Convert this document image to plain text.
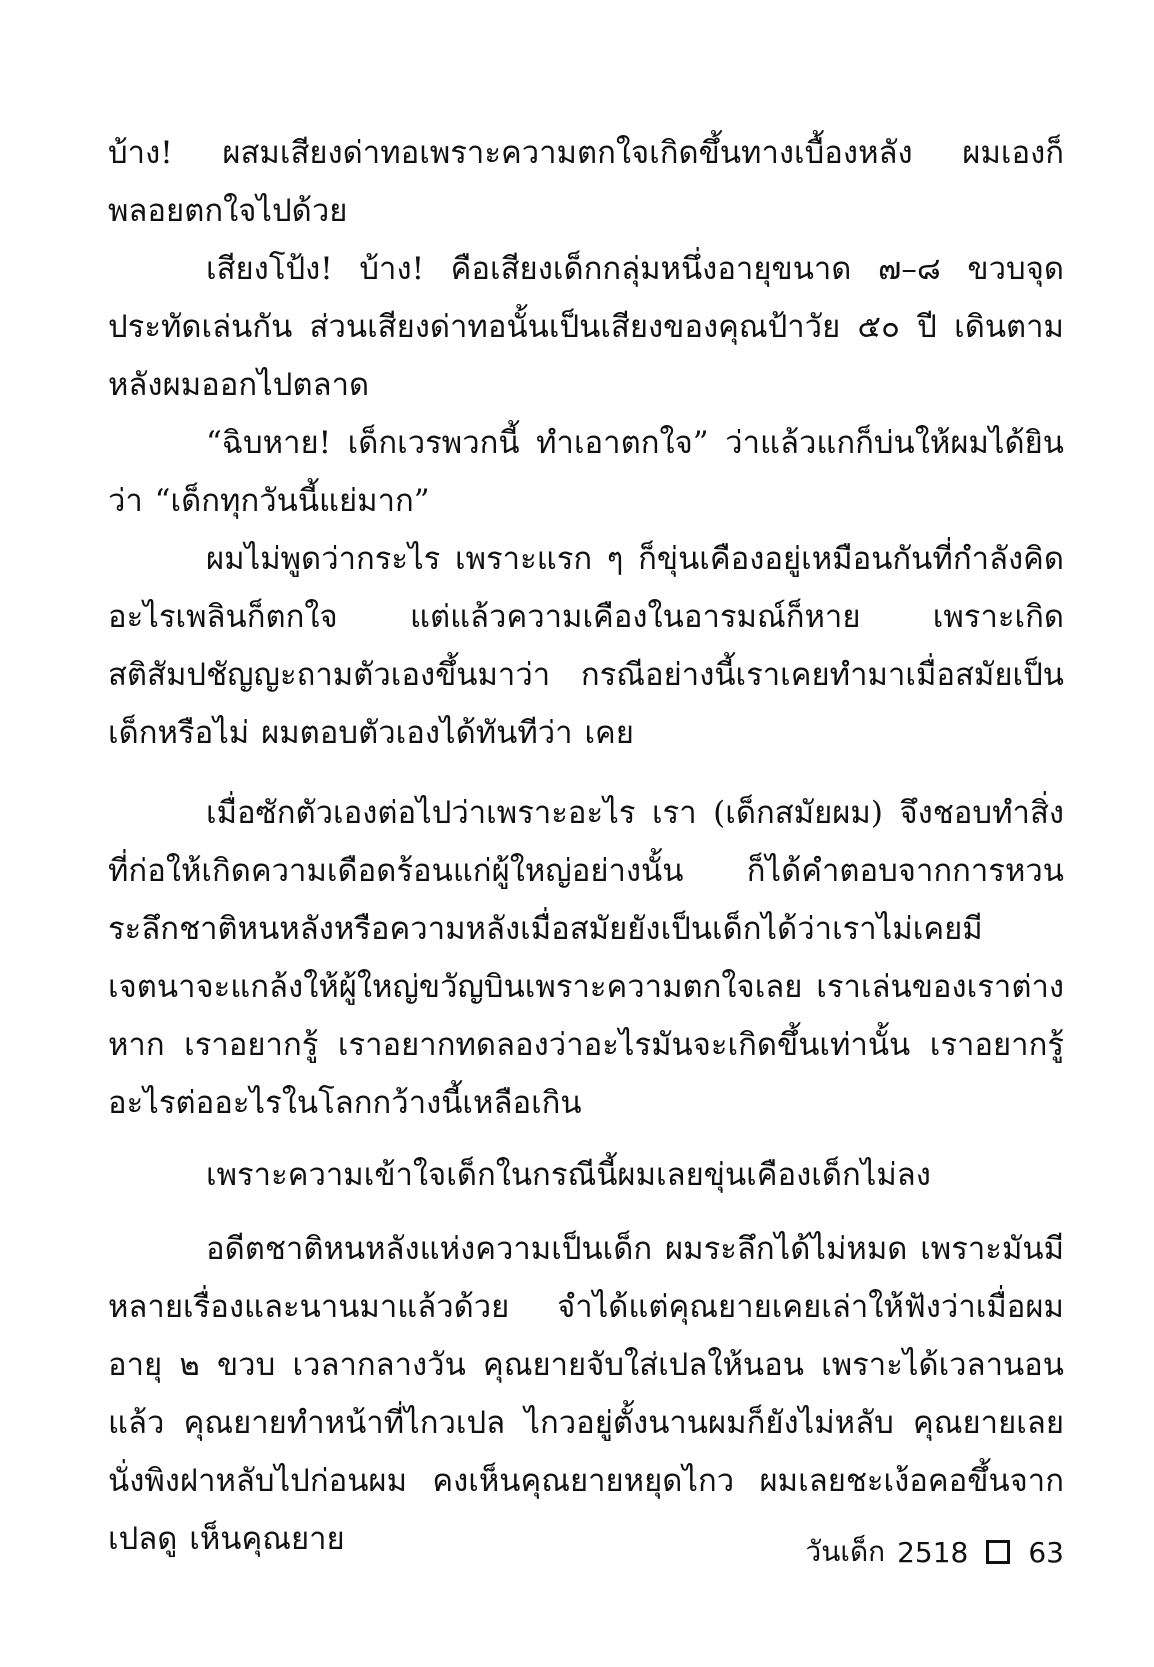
บ้าง! ผสมเสียงด่าทอเพราะความตกใจเกิดขึ้นทางเบื้องหลัง ผมเองก็พลอยตกใจไปด้วย

เสียงโป้ง! บ้าง! คือเสียงเด็กกลุ่มหนึ่งอายุขนาด ๗–๘ ขวบจุดประทัดเล่นกัน ส่วนเสียงด่าทอนั้นเป็นเสียงของคุณป้าวัย ๕๐ ปี เดินตามหลังผมออกไปตลาด

“ฉิบหาย! เด็กเวรพวกนี้ ทำเอาตกใจ” ว่าแล้วแกก็บ่นให้ผมได้ยินว่า “เด็กทุกวันนี้แย่มาก”

ผมไม่พูดว่ากระไร เพราะแรก ๆ ก็ขุ่นเคืองอยู่เหมือนกันที่กำลังคิดอะไรเพลินก็ตกใจ แต่แล้วความเคืองในอารมณ์ก็หาย เพราะเกิดสติสัมปชัญญะถามตัวเองขึ้นมาว่า กรณีอย่างนี้เราเคยทำมาเมื่อสมัยเป็นเด็กหรือไม่ ผมตอบตัวเองได้ทันทีว่า เคย

เมื่อซักตัวเองต่อไปว่าเพราะอะไร เรา (เด็กสมัยผม) จึงชอบทำสิ่งที่ก่อให้เกิดความเดือดร้อนแก่ผู้ใหญ่อย่างนั้น ก็ได้คำตอบจากการหวนระลึกชาติหนหลังหรือความหลังเมื่อสมัยยังเป็นเด็กได้ว่าเราไม่เคยมีเจตนาจะแกล้งให้ผู้ใหญ่ขวัญบินเพราะความตกใจเลย เราเล่นของเราต่างหาก เราอยากรู้ เราอยากทดลองว่าอะไรมันจะเกิดขึ้นเท่านั้น เราอยากรู้อะไรต่ออะไรในโลกกว้างนี้เหลือเกิน

เพราะความเข้าใจเด็กในกรณีนี้ผมเลยขุ่นเคืองเด็กไม่ลง

อดีตชาติหนหลังแห่งความเป็นเด็ก ผมระลึกได้ไม่หมด เพราะมันมีหลายเรื่องและนานมาแล้วด้วย จำได้แต่คุณยายเคยเล่าให้ฟังว่าเมื่อผมอายุ ๒ ขวบ เวลากลางวัน คุณยายจับใส่เปลให้นอน เพราะได้เวลานอนแล้ว คุณยายทำหน้าที่ไกวเปล ไกวอยู่ตั้งนานผมก็ยังไม่หลับ คุณยายเลยนั่งพิงฝาหลับไปก่อนผม คงเห็นคุณยายหยุดไกว ผมเลยชะเง้อคอขึ้นจากเปลดู เห็นคุณยาย	วันเด็ก 2518 63
